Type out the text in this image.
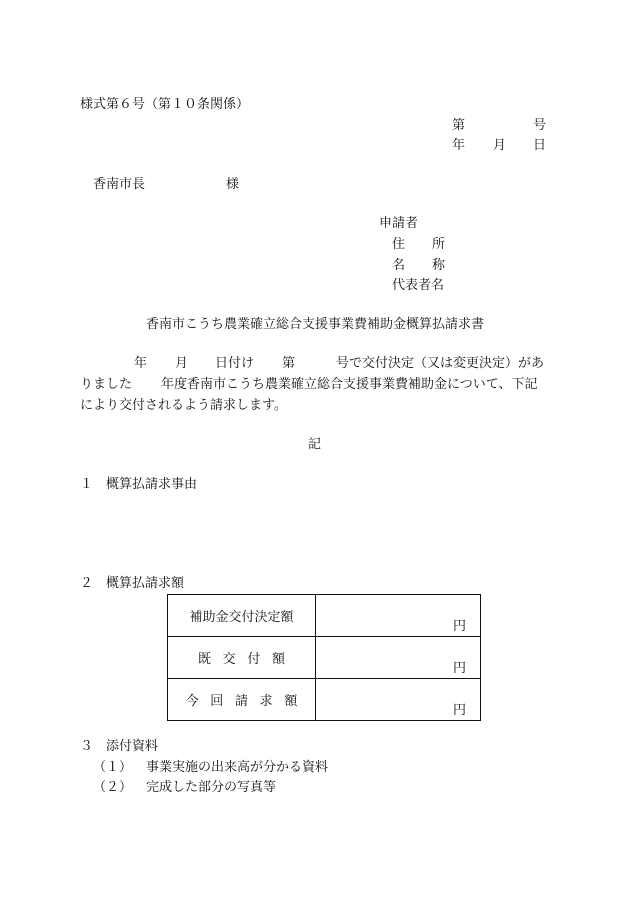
様式第６号（第１０条関係）
第	号
年 月 日
香南市長	様
申請者
住 所
名 称
代表者名
香南市こうち農業確立総合支援事業費補助金概算払請求書
年 月 日付け 第	号で交付決定（又は変更決定）があ
りました 年度香南市こうち農業確立総合支援事業費補助金について、下記
により交付されるよう請求します。
記
１ 概算払請求事由
２ 概算払請求額
補助金交付決定額	円
既交付額	円
今回請求額	円
３ 添付資料
（１） 事業実施の出来高が分かる資料
（２） 完成した部分の写真等
